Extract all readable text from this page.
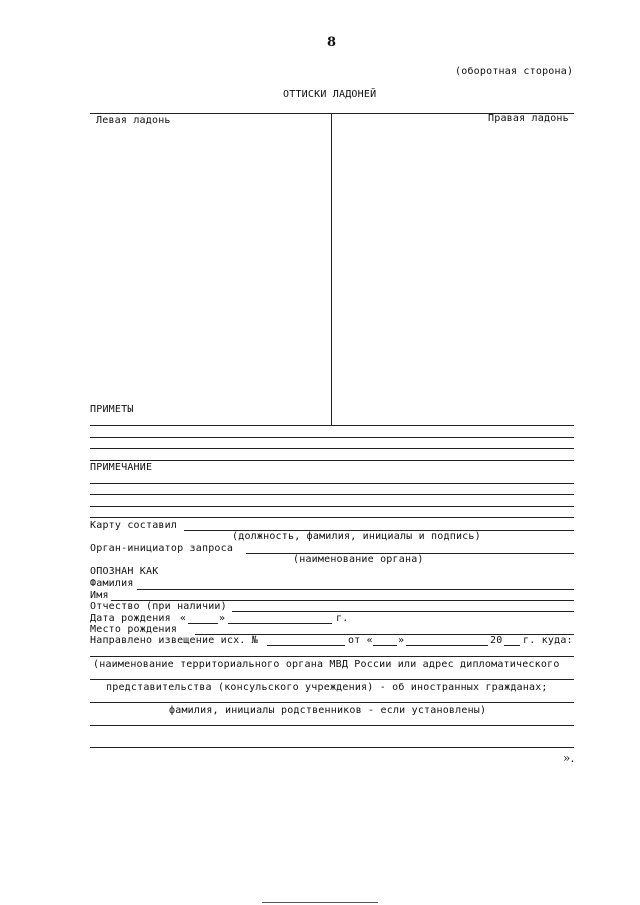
8
(оборотная сторона)
ОТТИСКИ ЛАДОНЕЙ
Левая ладонь	Правая ладонь
ПРИМЕТЫ
ПРИМЕЧАНИЕ
Карту составил
(должность, фамилия, инициалы и подпись)
Орган-инициатор запроса
(наименование органа)
ОПОЗНАН КАК
Фамилия
Имя
Отчество (при наличии)
Дата рождения «	»	г.
Место рождения
Направлено извещение исх. №	от «	»	20 г. куда:
(наименование территориального органа МВД России или адрес дипломатического
представительства (консульского учреждения) - об иностранных гражданах;
фамилия, инициалы родственников - если установлены)
».
